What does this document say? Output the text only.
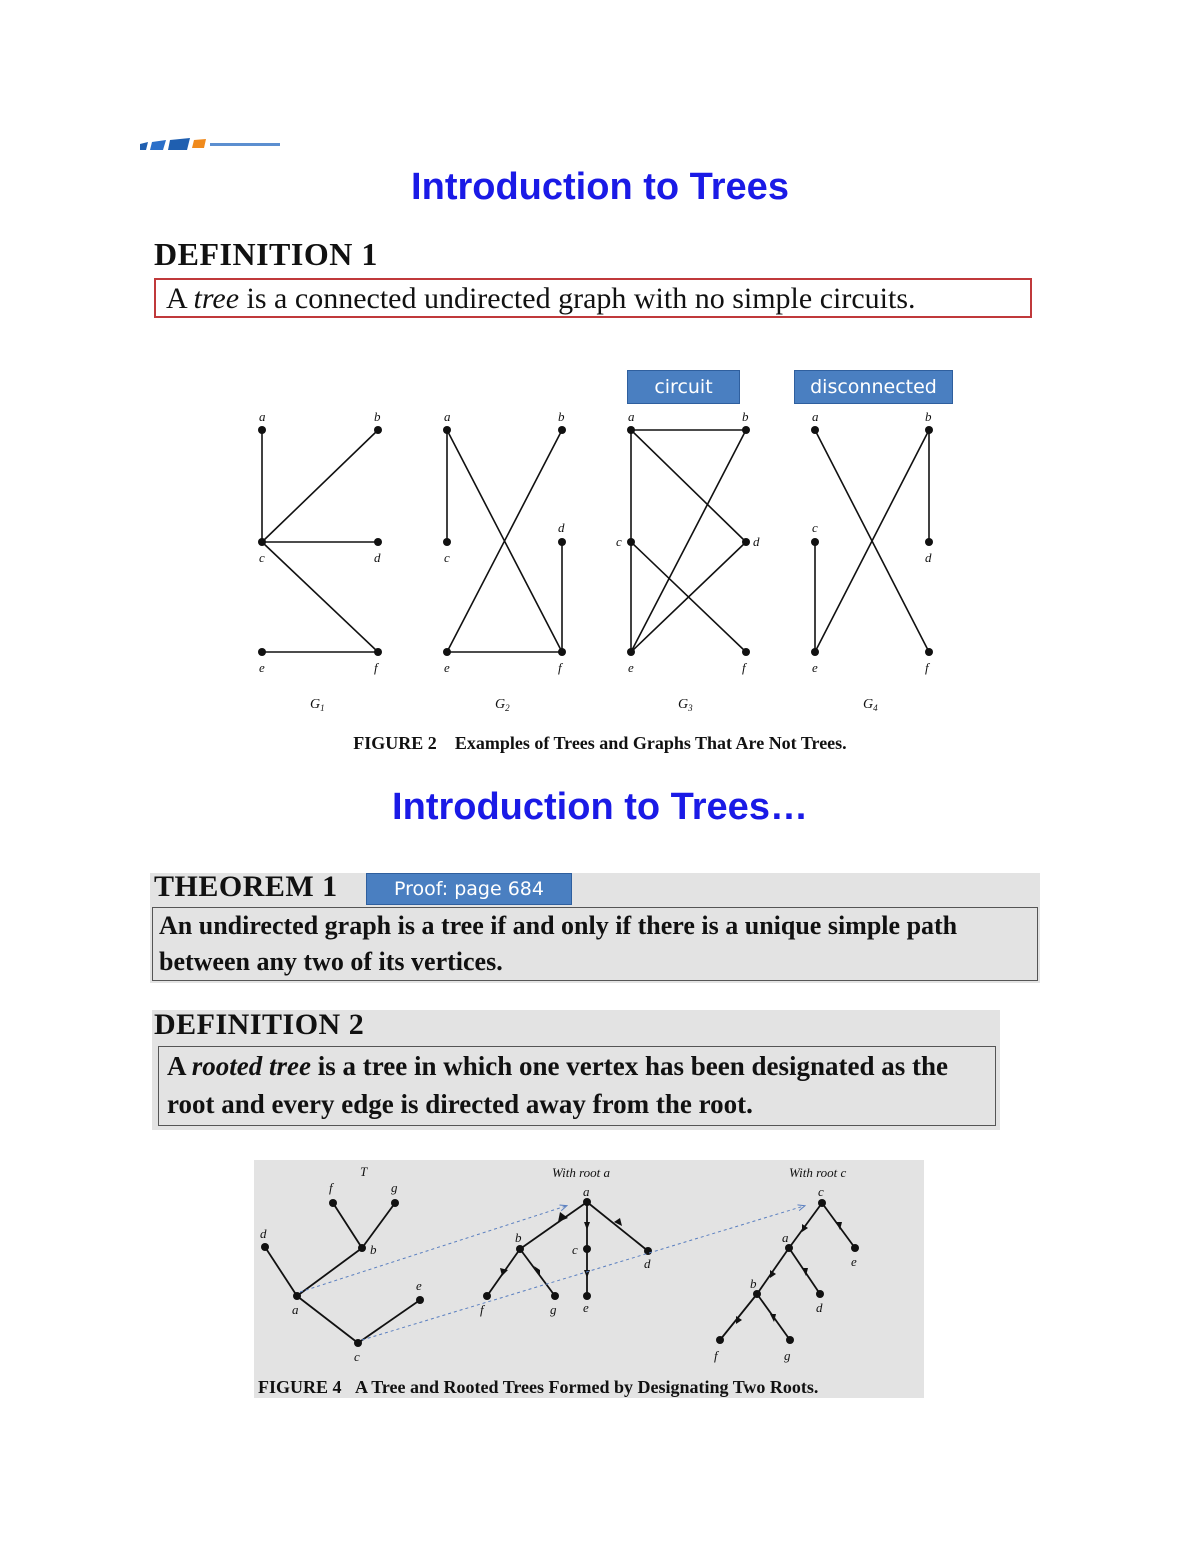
Introduction to Trees
DEFINITION 1
A tree is a connected undirected graph with no simple circuits.
circuit	disconnected
a	b
c	d
e	f
a	b
c
d
e	f
a	b
c	d
e	f
a	b
c
d
e	f
$G_1$	$G_2$	$G_3$	$G_4$
FIGURE 2 Examples of Trees and Graphs That Are Not Trees.
Introduction to Trees…
THEOREM 1	Proof: page 684
An undirected graph is a tree if and only if there is a unique simple path between any two of its vertices.
DEFINITION 2
A rooted tree is a tree in which one vertex has been designated as the root and every edge is directed away from the root.
T	With root a	With root c
f	g
b
d
a
c
e
a
b
c
d
f	g e
c
a
e
b
d
f	g
FIGURE 4 A Tree and Rooted Trees Formed by Designating Two Roots.
